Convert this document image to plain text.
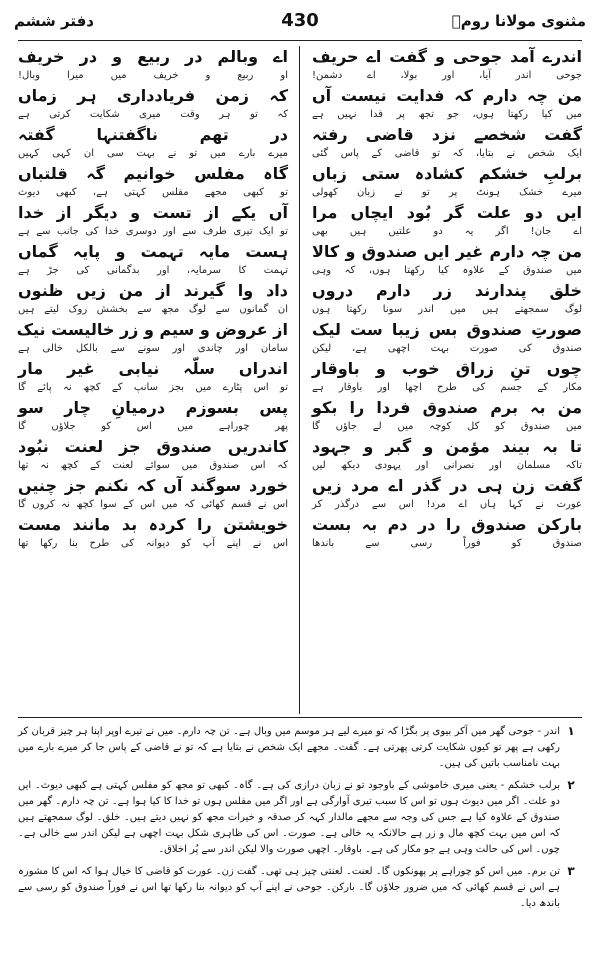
مثنوی مولانا رومؒ
430
دفتر ششم
اندرے آمد جوحی و گفت اے حریف
جوحی اندر آیا، اور بولا، اے دشمن!
من چہ دارم کہ فدایت نیست آں
میں کیا رکھتا ہوں، جو تجھ پر فدا نہیں ہے
گفت شخصے نزد قاضی رفتہ
ایک شخص نے بتایا، کہ تو قاضی کے پاس گئی
برلبِ خشکم کشادہ ستی زباں
میرے خشک ہونٹ پر تو نے زبان کھولی
ایں دو علت گر بُود ایچاں مرا
اے جان! اگر یہ دو علتیں ہیں بھی
من چہ دارم غیر ایں صندوق و کالا
میں صندوق کے علاوہ کیا رکھتا ہوں، کہ وہی
خلق پندارند زر دارم دروں
لوگ سمجھتے ہیں میں اندر سونا رکھتا ہوں
صورتِ صندوق بس زیبا ست لیک
صندوق کی صورت بہت اچھی ہے، لیکن
چوں تنِ زراق خوب و باوقار
مکار کے جسم کی طرح اچھا اور باوقار ہے
من بہ برم صندوق فردا را بکو
میں صندوق کو کل کوچہ میں لے جاؤں گا
تا بہ بیند مؤمن و گبر و جہود
تاکہ مسلمان اور نصرانی اور یہودی دیکھ لیں
گفت زن ہی در گذر اے مرد زیں
عورت نے کہا ہاں اے مرد! اس سے درگذر کر
بارکن صندوق را در دم بہ بست
صندوق کو فوراً رسی سے باندھا
اے وبالم در ربیع و در خریف
او ربیع و خریف میں میرا وبال!
کہ زمن فریادداری ہر زماں
کہ تو ہر وقت میری شکایت کرتی ہے
در تھم ناگفتنہا گفتہ
میرے بارے میں تو نے بہت سی ان کہی کہیں
گاہ مفلس خوانیم گہ قلتباں
تو کبھی مجھے مفلس کہتی ہے، کبھی دیوث
آں یکے از تست و دیگر از خدا
تو ایک تیری طرف سے اور دوسری خدا کی جانب سے ہے
ہست مایہ تہمت و پایہ گماں
تہمت کا سرمایہ، اور بدگمانی کی جڑ ہے
داد وا گیرند از من زیں ظنوں
ان گمانوں سے لوگ مجھ سے بخشش روک لیتے ہیں
از عروض و سیم و زر خالیست نیک
سامان اور چاندی اور سونے سے بالکل خالی ہے
اندراں سلّہ نیابی غیر مار
تو اس پٹارے میں بجز سانپ کے کچھ نہ پائے گا
پس بسوزم درمیانِ چار سو
پھر چوراہے میں اس کو جلاؤں گا
کاندریں صندوق جز لعنت نبُود
کہ اس صندوق میں سوائے لعنت کے کچھ نہ تھا
خورد سوگند آں کہ نکنم جز چنیں
اس نے قسم کھائی کہ میں اس کے سوا کچھ نہ کروں گا
خویشتن را کردہ بد مانند مست
اس نے اپنے آپ کو دیوانہ کی طرح بنا رکھا تھا
۱
اندر - جوحی گھر میں آکر بیوی پر بگڑا کہ تو میرے لیے ہر موسم میں وبال ہے۔ تن چہ دارم۔ میں نے تیرے اوپر اپنا ہر چیز قربان کر رکھی ہے پھر تو کیوں شکایت کرتی پھرتی ہے۔ گفت۔ مجھے ایک شخص نے بتایا ہے کہ تو نے قاضی کے پاس جا کر میرے بارے میں بہت نامناسب باتیں کی ہیں۔
۲
برلب خشکم - یعنی میری خاموشی کے باوجود تو نے زبان درازی کی ہے۔ گاہ۔ کبھی تو مجھ کو مفلس کہتی ہے کبھی دیوث۔ ایں دو علت۔ اگر میں دیوث ہوں تو اس کا سبب تیری آوارگی ہے اور اگر میں مفلس ہوں تو خدا کا کیا ہوا ہے۔ تن چہ دارم۔ گھر میں صندوق کے علاوہ کیا ہے جس کی وجہ سے مجھے مالدار کہہ کر صدقہ و خیرات مجھ کو نہیں دیتے ہیں۔ خلق۔ لوگ سمجھتے ہیں کہ اس میں بہت کچھ مال و زر ہے حالانکہ یہ خالی ہے۔ صورت۔ اس کی ظاہری شکل بہت اچھی ہے لیکن اندر سے خالی ہے۔ چوں۔ اس کی حالت وہی ہے جو مکار کی ہے۔ باوقار۔ اچھی صورت والا لیکن اندر سے پُر اخلاق۔
۳
تن برم۔ میں اس کو چوراہے پر پھونکوں گا۔ لعنت۔ لعنتی چیز ہی تھی۔ گفت زن۔ عورت کو قاضی کا خیال ہوا کہ اس کا مشورہ ہے اس نے قسم کھائی کہ میں ضرور جلاؤں گا۔ بارکن۔ جوحی نے اپنے آپ کو دیوانہ بنا رکھا تھا اس نے فوراً صندوق کو رسی سے باندھ دیا۔
